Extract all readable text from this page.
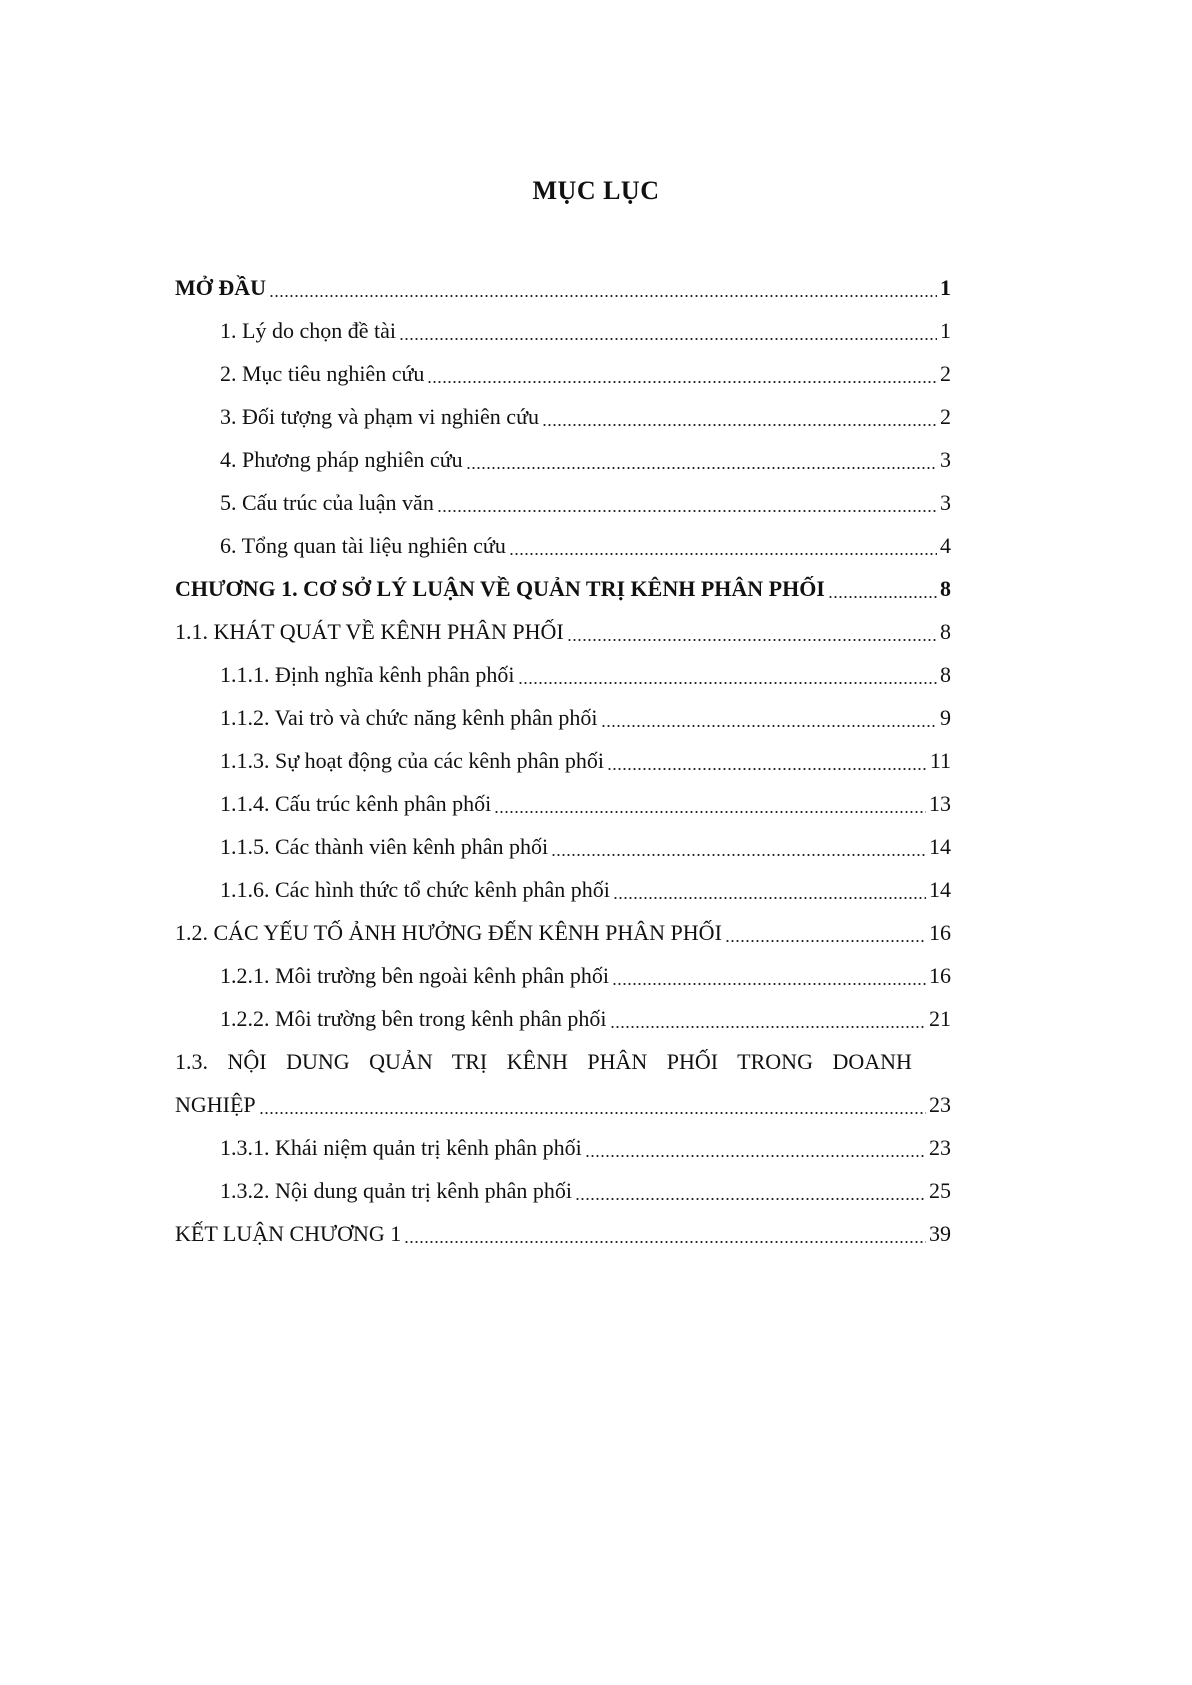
MỤC LỤC
MỞ ĐẦU	1
1. Lý do chọn đề tài	1
2. Mục tiêu nghiên cứu	2
3. Đối tượng và phạm vi nghiên cứu	2
4. Phương pháp nghiên cứu	3
5. Cấu trúc của luận văn	3
6. Tổng quan tài liệu nghiên cứu	4
CHƯƠNG 1. CƠ SỞ LÝ LUẬN VỀ QUẢN TRỊ KÊNH PHÂN PHỐI	8
1.1. KHÁT QUÁT VỀ KÊNH PHÂN PHỐI	8
1.1.1. Định nghĩa kênh phân phối	8
1.1.2. Vai trò và chức năng kênh phân phối	9
1.1.3. Sự hoạt động của các kênh phân phối	11
1.1.4. Cấu trúc kênh phân phối	13
1.1.5. Các thành viên kênh phân phối	14
1.1.6. Các hình thức tổ chức kênh phân phối	14
1.2. CÁC YẾU TỐ ẢNH HƯỞNG ĐẾN KÊNH PHÂN PHỐI	16
1.2.1. Môi trường bên ngoài kênh phân phối	16
1.2.2. Môi trường bên trong kênh phân phối	21
1.3. NỘI DUNG QUẢN TRỊ KÊNH PHÂN PHỐI TRONG DOANH
NGHIỆP	23
1.3.1. Khái niệm quản trị kênh phân phối	23
1.3.2. Nội dung quản trị kênh phân phối	25
KẾT LUẬN CHƯƠNG 1	39
